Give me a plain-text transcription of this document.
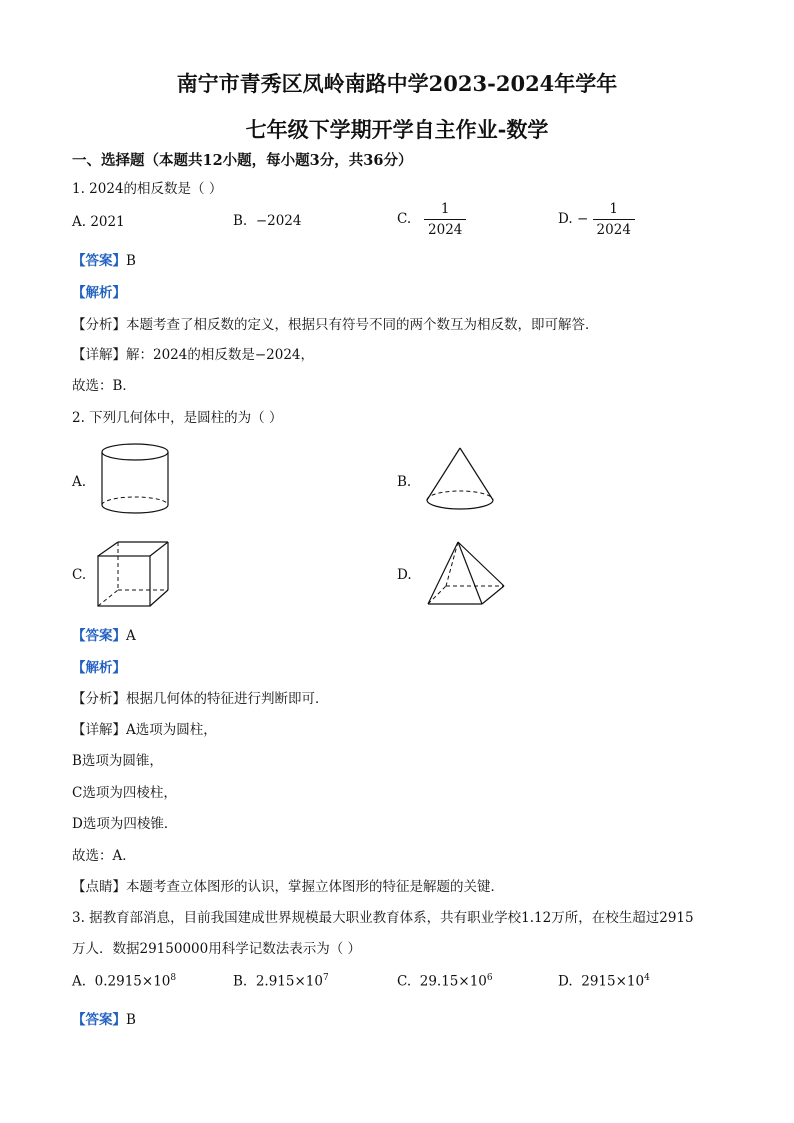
南宁市青秀区凤岭南路中学2023-2024年学年
七年级下学期开学自主作业-数学
一、选择题（本题共12小题，每小题3分，共36分）
1. 2024的相反数是（ ）
A. 2021	B. −2024	C. $\frac{1}{2024}$	D. − $\frac{1}{2024}$
【答案】B
【解析】
【分析】本题考查了相反数的定义，根据只有符号不同的两个数互为相反数，即可解答．
【详解】解：2024的相反数是−2024，
故选：B．
2. 下列几何体中，是圆柱的为（ ）
A.	B.
C.	D.
【答案】A
【解析】
【分析】根据几何体的特征进行判断即可．
【详解】A选项为圆柱，
B选项为圆锥，
C选项为四棱柱，
D选项为四棱锥．
故选：A．
【点睛】本题考查立体图形的认识，掌握立体图形的特征是解题的关键．
3. 据教育部消息，目前我国建成世界规模最大职业教育体系，共有职业学校1.12万所，在校生超过2915
万人．数据29150000用科学记数法表示为（ ）
A. $0.2915\times 10^8$	B. $2.915\times 10^7$	C. $29.15\times 10^6$	D. $2915\times 10^4$
【答案】B
